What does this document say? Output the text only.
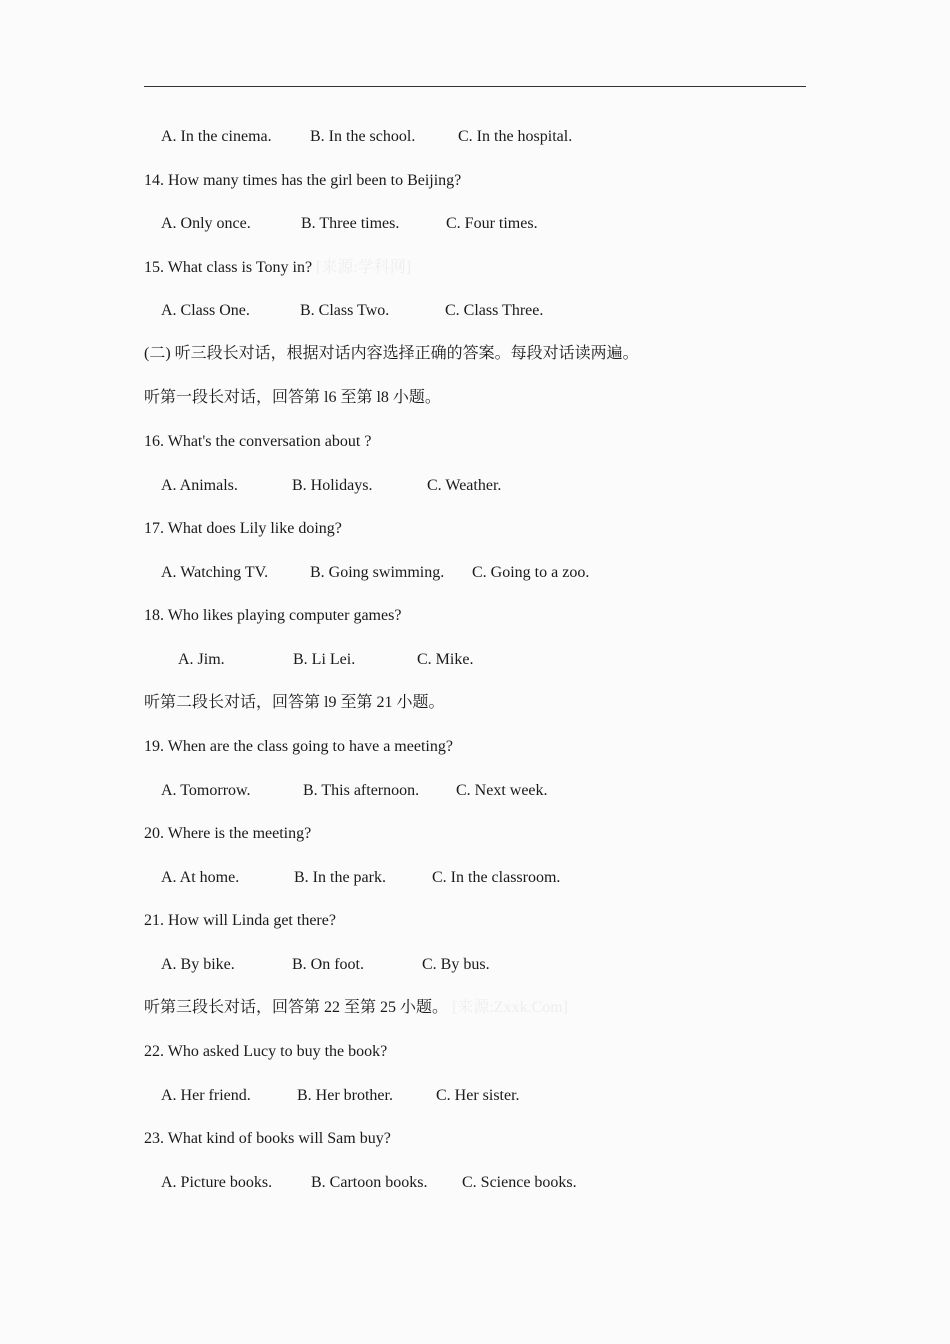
A. In the cinema. B. In the school.	C. In the hospital.
14. How many times has the girl been to Beijing?
A. Only once.	B. Three times.	C. Four times.
15. What class is Tony in? [来源:学科网]
A. Class One.	B. Class Two.	C. Class Three.
(二) 听三段长对话，根据对话内容选择正确的答案。每段对话读两遍。
听第一段长对话，回答第 l6 至第 l8 小题。
16. What's the conversation about ?
A. Animals.	B. Holidays.	C. Weather.
17. What does Lily like doing?
A. Watching TV.	B. Going swimming. C. Going to a zoo.
18. Who likes playing computer games?
A. Jim.	B. Li Lei.	C. Mike.
听第二段长对话，回答第 l9 至第 21 小题。
19. When are the class going to have a meeting?
A. Tomorrow.	B. This afternoon. C. Next week.
20. Where is the meeting?
A. At home.	B. In the park.	C. In the classroom.
21. How will Linda get there?
A. By bike.	B. On foot.	C. By bus.
听第三段长对话，回答第 22 至第 25 小题。 [来源:Zxxk.Com]
22. Who asked Lucy to buy the book?
A. Her friend.	B. Her brother.	C. Her sister.
23. What kind of books will Sam buy?
A. Picture books. B. Cartoon books. C. Science books.
